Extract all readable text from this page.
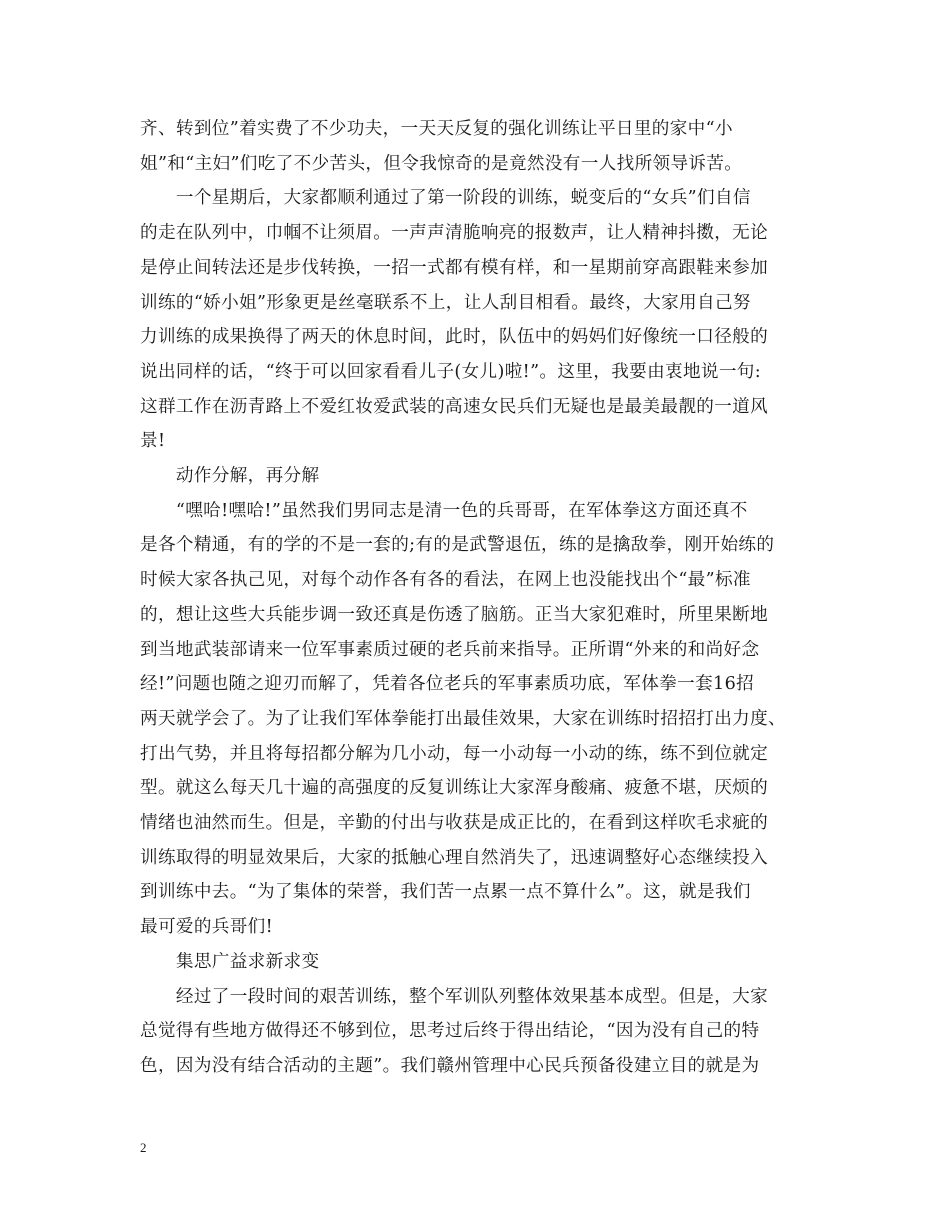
齐、转到位”着实费了不少功夫，一天天反复的强化训练让平日里的家中“小
姐”和“主妇”们吃了不少苦头，但令我惊奇的是竟然没有一人找所领导诉苦。
　　一个星期后，大家都顺利通过了第一阶段的训练，蜕变后的“女兵”们自信
的走在队列中，巾帼不让须眉。一声声清脆响亮的报数声，让人精神抖擞，无论
是停止间转法还是步伐转换，一招一式都有模有样，和一星期前穿高跟鞋来参加
训练的“娇小姐”形象更是丝毫联系不上，让人刮目相看。最终，大家用自己努
力训练的成果换得了两天的休息时间，此时，队伍中的妈妈们好像统一口径般的
说出同样的话，“终于可以回家看看儿子(女儿)啦!”。这里，我要由衷地说一句:
这群工作在沥青路上不爱红妆爱武装的高速女民兵们无疑也是最美最靓的一道风
景!
　　动作分解，再分解
　　“嘿哈!嘿哈!”虽然我们男同志是清一色的兵哥哥，在军体拳这方面还真不
是各个精通，有的学的不是一套的;有的是武警退伍，练的是擒敌拳，刚开始练的
时候大家各执己见，对每个动作各有各的看法，在网上也没能找出个“最”标准
的，想让这些大兵能步调一致还真是伤透了脑筋。正当大家犯难时，所里果断地
到当地武装部请来一位军事素质过硬的老兵前来指导。正所谓“外来的和尚好念
经!”问题也随之迎刃而解了，凭着各位老兵的军事素质功底，军体拳一套16招
两天就学会了。为了让我们军体拳能打出最佳效果，大家在训练时招招打出力度、
打出气势，并且将每招都分解为几小动，每一小动每一小动的练，练不到位就定
型。就这么每天几十遍的高强度的反复训练让大家浑身酸痛、疲惫不堪，厌烦的
情绪也油然而生。但是，辛勤的付出与收获是成正比的，在看到这样吹毛求疵的
训练取得的明显效果后，大家的抵触心理自然消失了，迅速调整好心态继续投入
到训练中去。“为了集体的荣誉，我们苦一点累一点不算什么”。这，就是我们
最可爱的兵哥们!
　　集思广益求新求变
　　经过了一段时间的艰苦训练，整个军训队列整体效果基本成型。但是，大家
总觉得有些地方做得还不够到位，思考过后终于得出结论，“因为没有自己的特
色，因为没有结合活动的主题”。我们赣州管理中心民兵预备役建立目的就是为
2
